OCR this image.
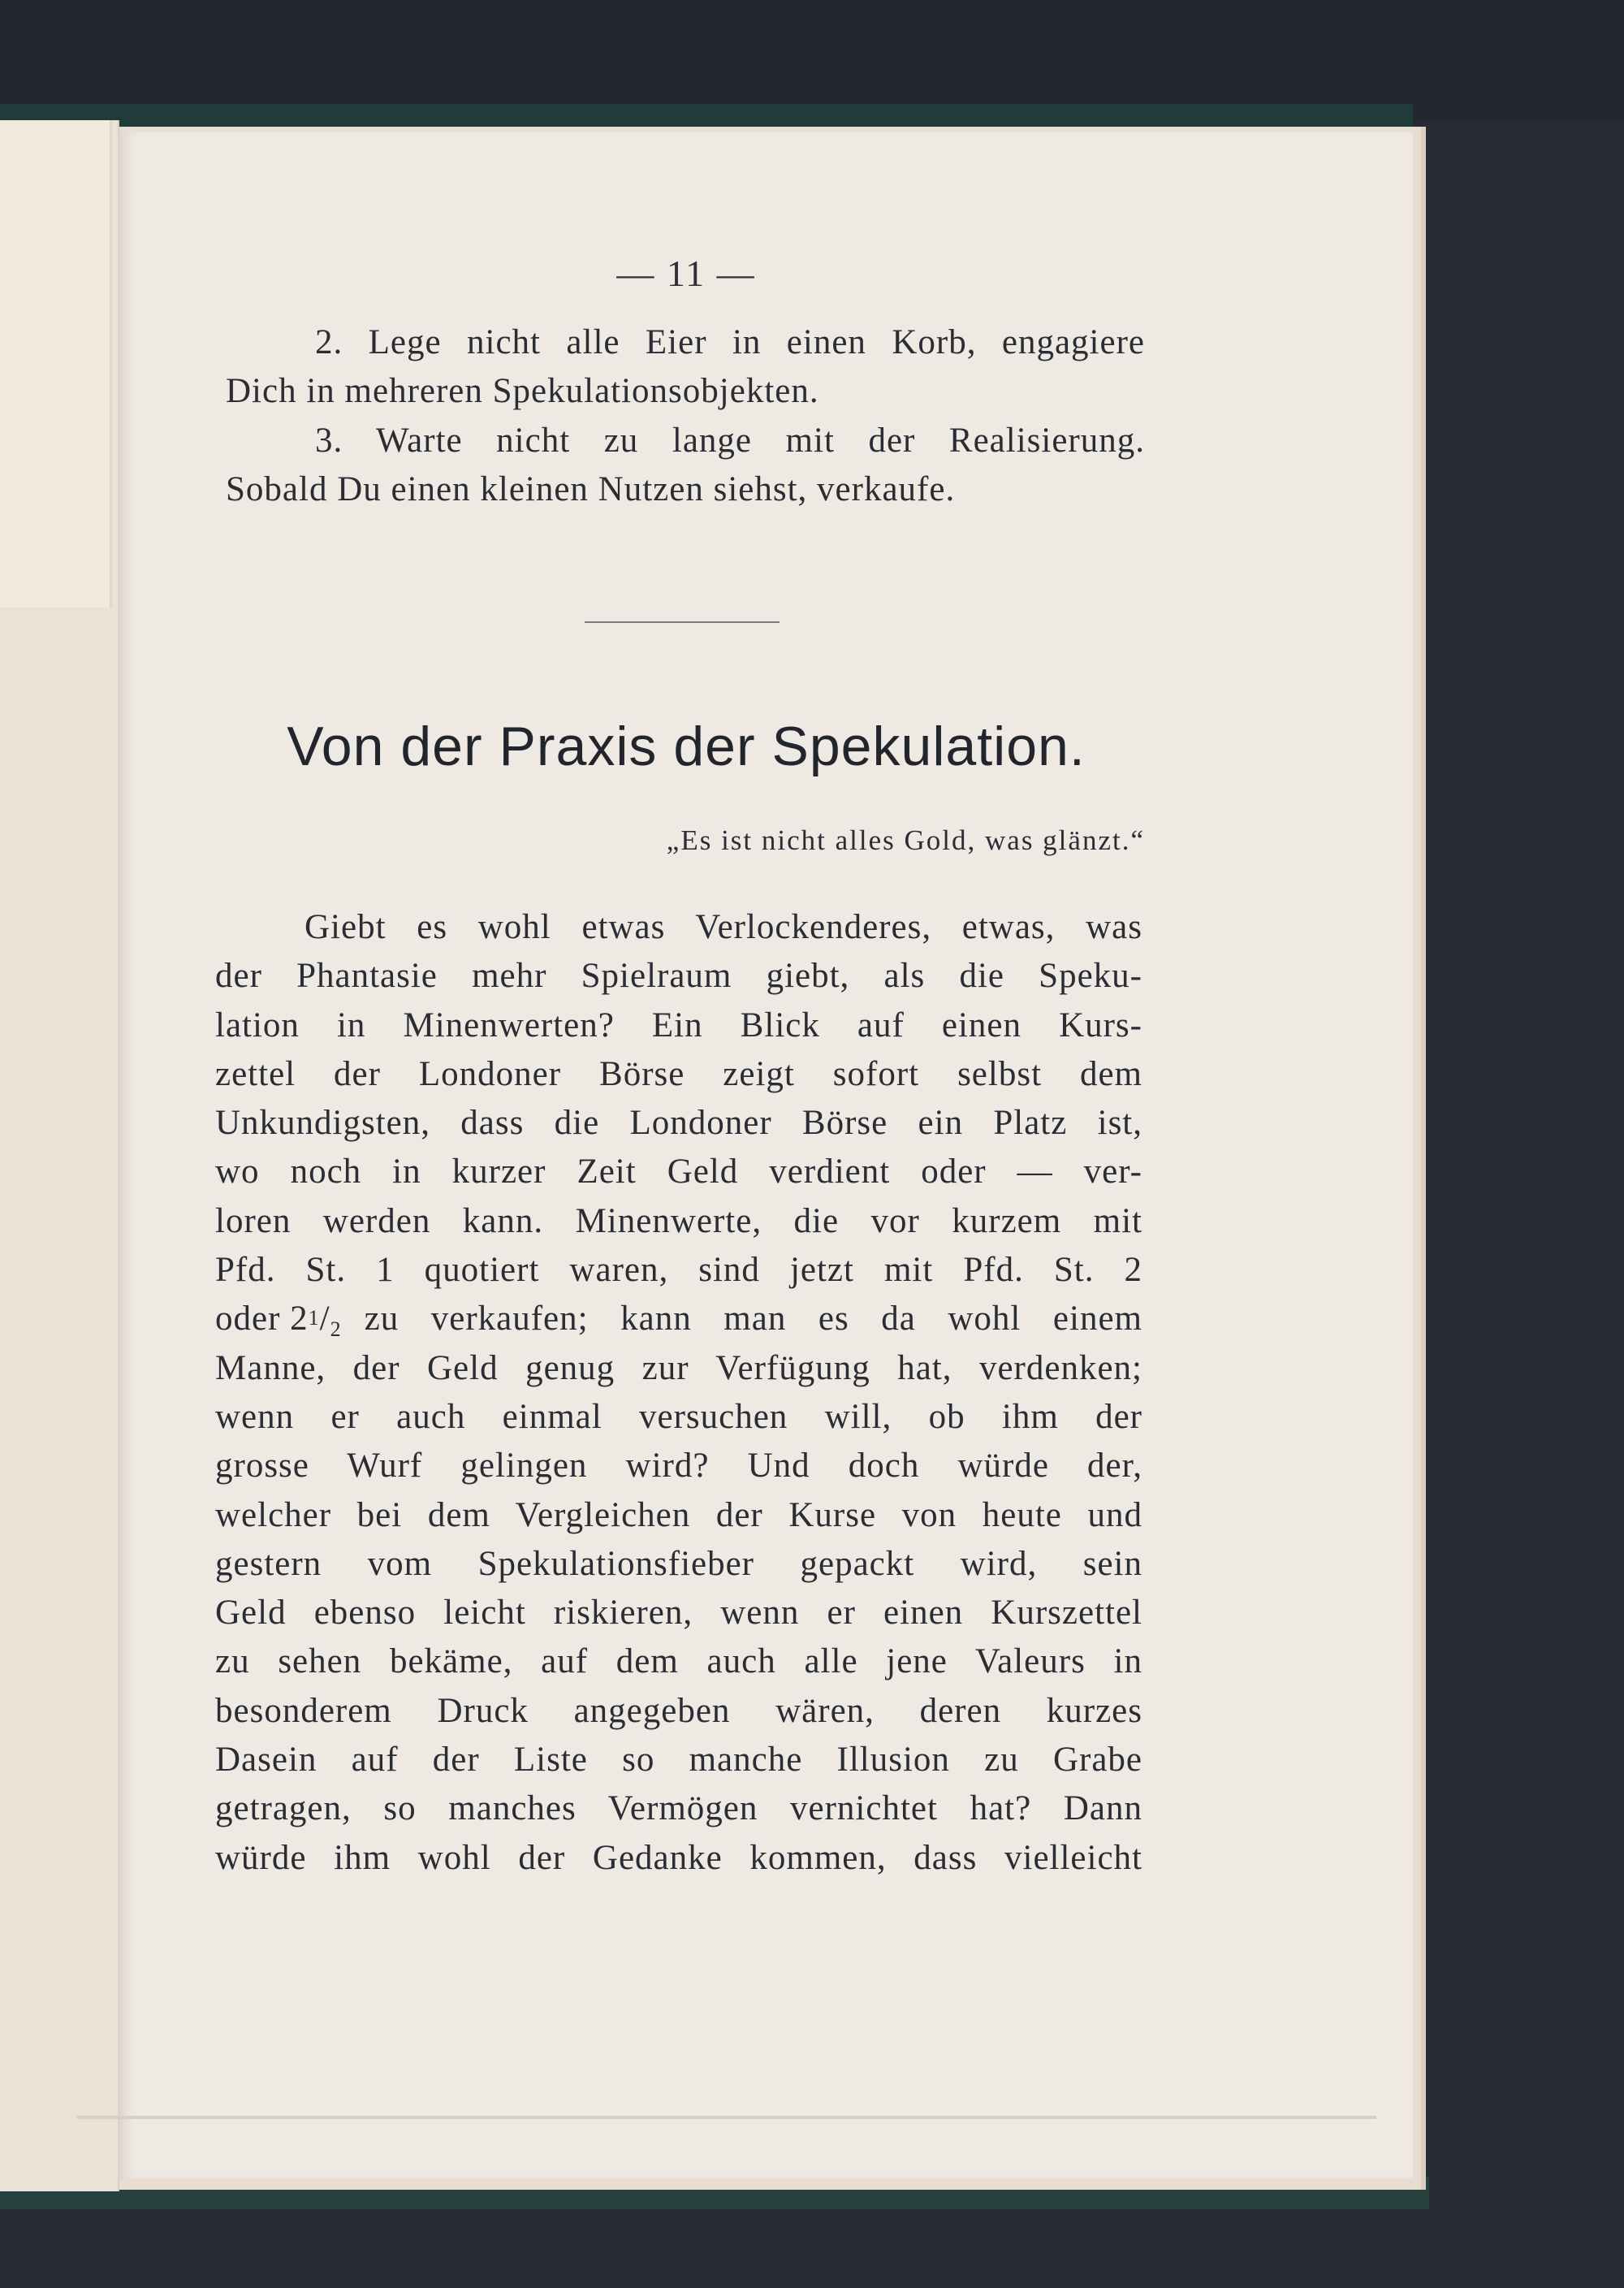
— 11 —
2. Lege nicht alle Eier in einen Korb, engagiere
Dich in mehreren Spekulationsobjekten.
3. Warte nicht zu lange mit der Realisierung.
Sobald Du einen kleinen Nutzen siehst, verkaufe.
Von der Praxis der Spekulation.
„Es ist nicht alles Gold, was glänzt.“
Giebt es wohl etwas Verlockenderes, etwas, was
der Phantasie mehr Spielraum giebt, als die Speku-
lation in Minenwerten? Ein Blick auf einen Kurs-
zettel der Londoner Börse zeigt sofort selbst dem
Unkundigsten, dass die Londoner Börse ein Platz ist,
wo noch in kurzer Zeit Geld verdient oder — ver-
loren werden kann. Minenwerte, die vor kurzem mit
Pfd. St. 1 quotiert waren, sind jetzt mit Pfd. St. 2
oder $2^1/_2$ zu verkaufen; kann man es da wohl einem
Manne, der Geld genug zur Verfügung hat, verdenken;
wenn er auch einmal versuchen will, ob ihm der
grosse Wurf gelingen wird? Und doch würde der,
welcher bei dem Vergleichen der Kurse von heute und
gestern vom Spekulationsfieber gepackt wird, sein
Geld ebenso leicht riskieren, wenn er einen Kurszettel
zu sehen bekäme, auf dem auch alle jene Valeurs in
besonderem Druck angegeben wären, deren kurzes
Dasein auf der Liste so manche Illusion zu Grabe
getragen, so manches Vermögen vernichtet hat? Dann
würde ihm wohl der Gedanke kommen, dass vielleicht
